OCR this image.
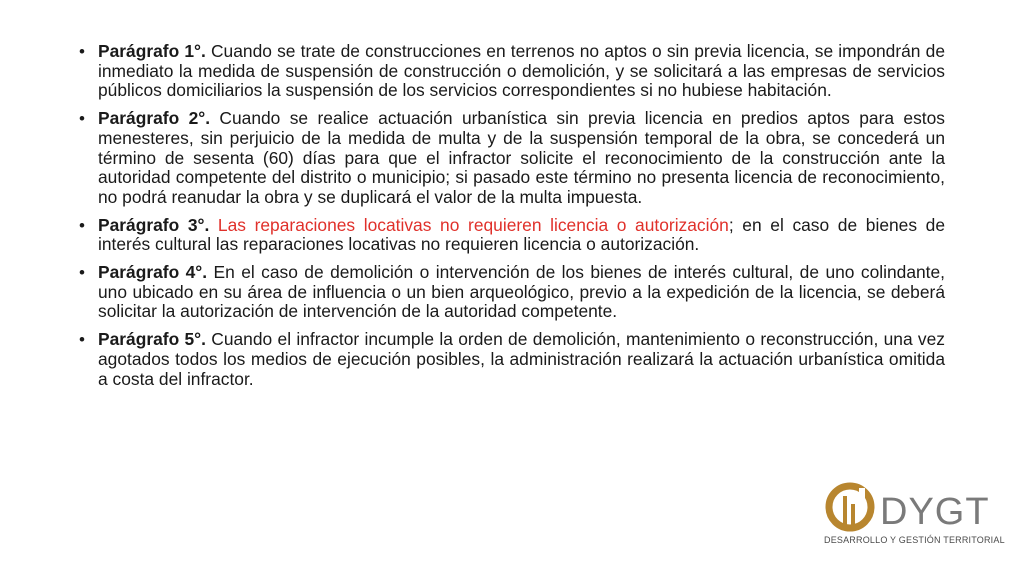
• Parágrafo 1°. Cuando se trate de construcciones en terrenos no aptos o sin previa licencia, se impondrán de inmediato la medida de suspensión de construcción o demolición, y se solicitará a las empresas de servicios públicos domiciliarios la suspensión de los servicios correspondientes si no hubiese habitación.
• Parágrafo 2°. Cuando se realice actuación urbanística sin previa licencia en predios aptos para estos menesteres, sin perjuicio de la medida de multa y de la suspensión temporal de la obra, se concederá un término de sesenta (60) días para que el infractor solicite el reconocimiento de la construcción ante la autoridad competente del distrito o municipio; si pasado este término no presenta licencia de reconocimiento, no podrá reanudar la obra y se duplicará el valor de la multa impuesta.
• Parágrafo 3°. Las reparaciones locativas no requieren licencia o autorización; en el caso de bienes de interés cultural las reparaciones locativas no requieren licencia o autorización.
• Parágrafo 4°. En el caso de demolición o intervención de los bienes de interés cultural, de uno colindante, uno ubicado en su área de influencia o un bien arqueológico, previo a la expedición de la licencia, se deberá solicitar la autorización de intervención de la autoridad competente.
• Parágrafo 5°. Cuando el infractor incumple la orden de demolición, mantenimiento o reconstrucción, una vez agotados todos los medios de ejecución posibles, la administración realizará la actuación urbanística omitida a costa del infractor.
DYGT
DESARROLLO Y GESTIÓN TERRITORIAL
